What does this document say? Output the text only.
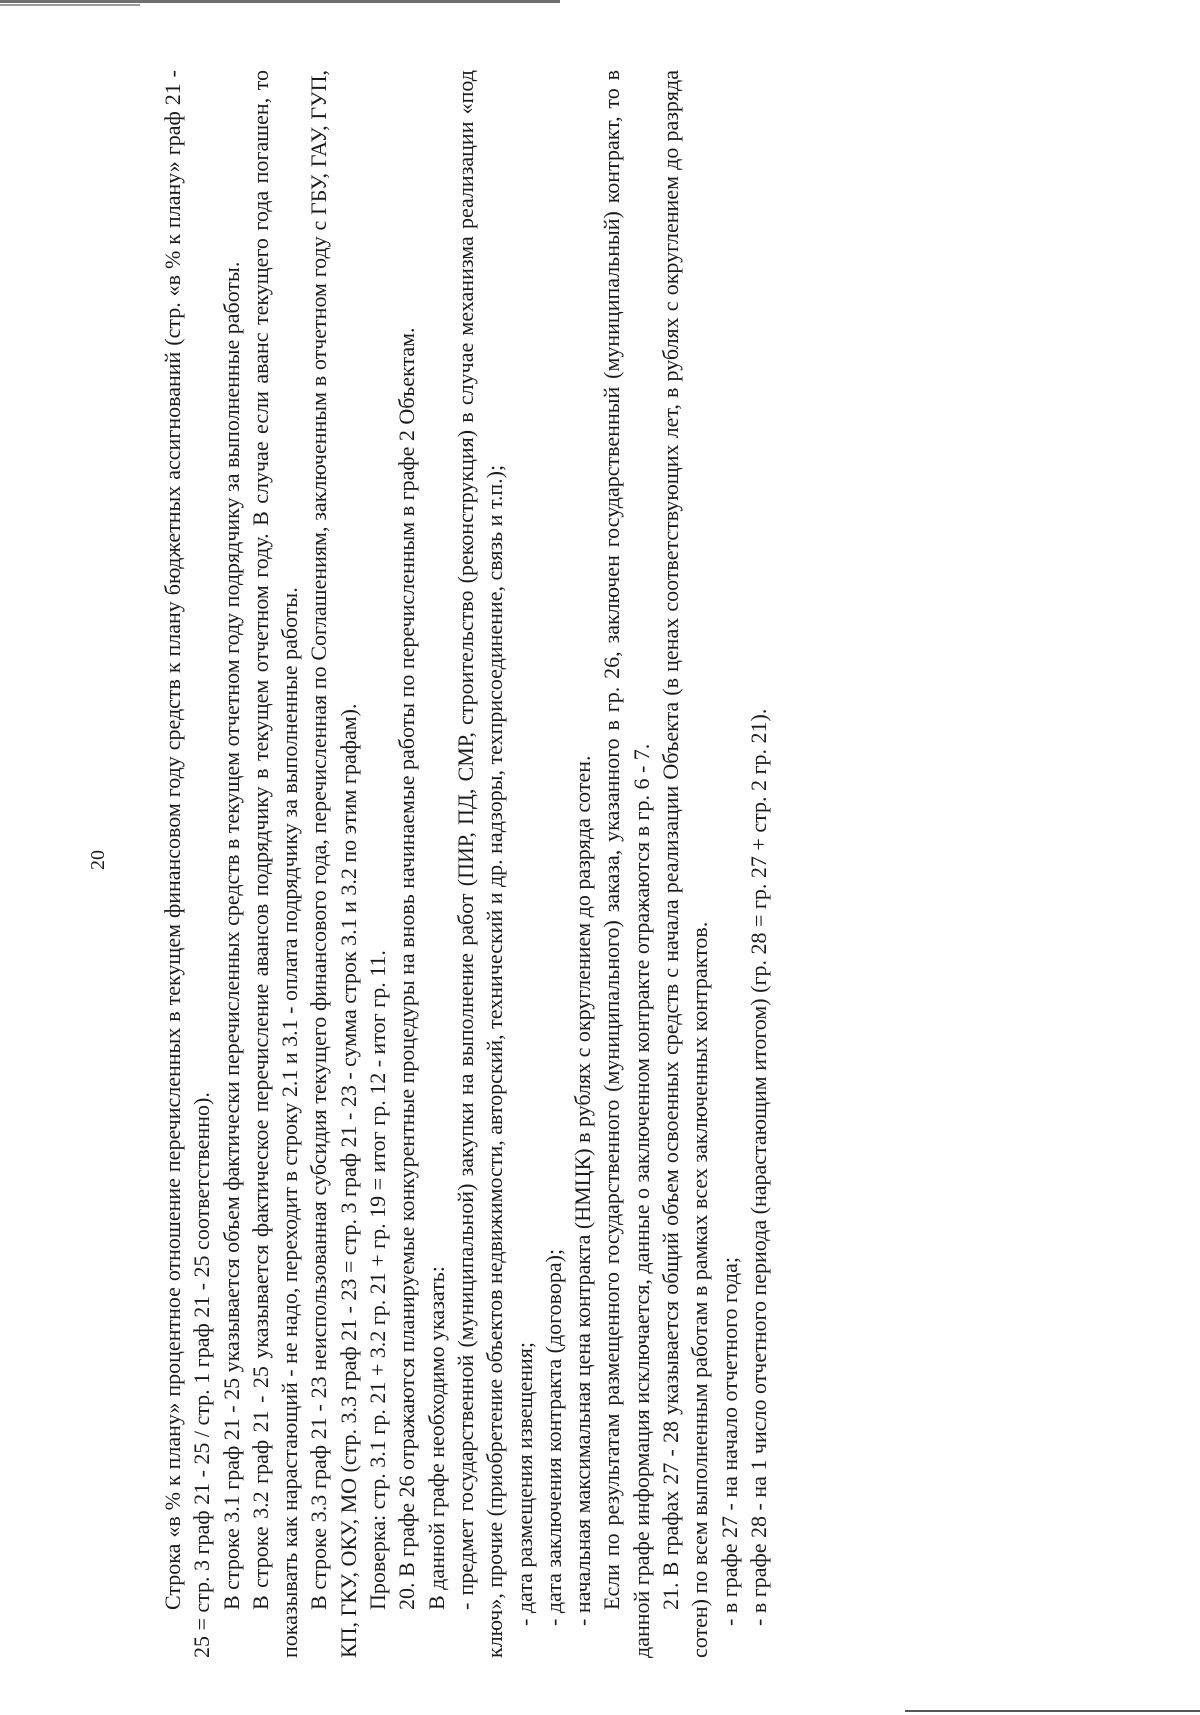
20	Строка «в % к плану» процентное отношение перечисленных в текущем финансовом году средств к плану бюджетных ассигнований (стр. «в % к плану» граф 21 - 25 = стр. 3 граф 21 - 25 / стр. 1 граф 21 - 25 соответственно). В строке 3.1 граф 21 - 25 указывается объем фактически перечисленных средств в текущем отчетном году подрядчику за выполненные работы. В строке 3.2 граф 21 - 25 указывается фактическое перечисление авансов подрядчику в текущем отчетном году. В случае если аванс текущего года погашен, то показывать как нарастающий - не надо, переходит в строку 2.1 и 3.1 - оплата подрядчику за выполненные работы. В строке 3.3 граф 21 - 23 неиспользованная субсидия текущего финансового года, перечисленная по Соглашениям, заключенным в отчетном году с ГБУ, ГАУ, ГУП, КП, ГКУ, ОКУ, МО (стр. 3.3 граф 21 - 23 = стр. 3 граф 21 - 23 - сумма строк 3.1 и 3.2 по этим графам). Проверка: стр. 3.1 гр. 21 + 3.2 гр. 21 + гр. 19 = итог гр. 12 - итог гр. 11. 20. В графе 26 отражаются планируемые конкурентные процедуры на вновь начинаемые работы по перечисленным в графе 2 Объектам. В данной графе необходимо указать: - предмет государственной (муниципальной) закупки на выполнение работ (ПИР, ПД, СМР, строительство (реконструкция) в случае механизма реализации «под ключ», прочие (приобретение объектов недвижимости, авторский, технический и др. надзоры, техприсоединение, связь и т.п.); - дата размещения извещения; - дата заключения контракта (договора); - начальная максимальная цена контракта (НМЦК) в рублях с округлением до разряда сотен. Если по результатам размещенного государственного (муниципального) заказа, указанного в гр. 26, заключен государственный (муниципальный) контракт, то в данной графе информация исключается, данные о заключенном контракте отражаются в гр. 6 - 7. 21. В графах 27 - 28 указывается общий объем освоенных средств с начала реализации Объекта (в ценах соответствующих лет, в рублях с округлением до разряда сотен) по всем выполненным работам в рамках всех заключенных контрактов. - в графе 27 - на начало отчетного года; - в графе 28 - на 1 число отчетного периода (нарастающим итогом) (гр. 28 = гр. 27 + стр. 2 гр. 21).
